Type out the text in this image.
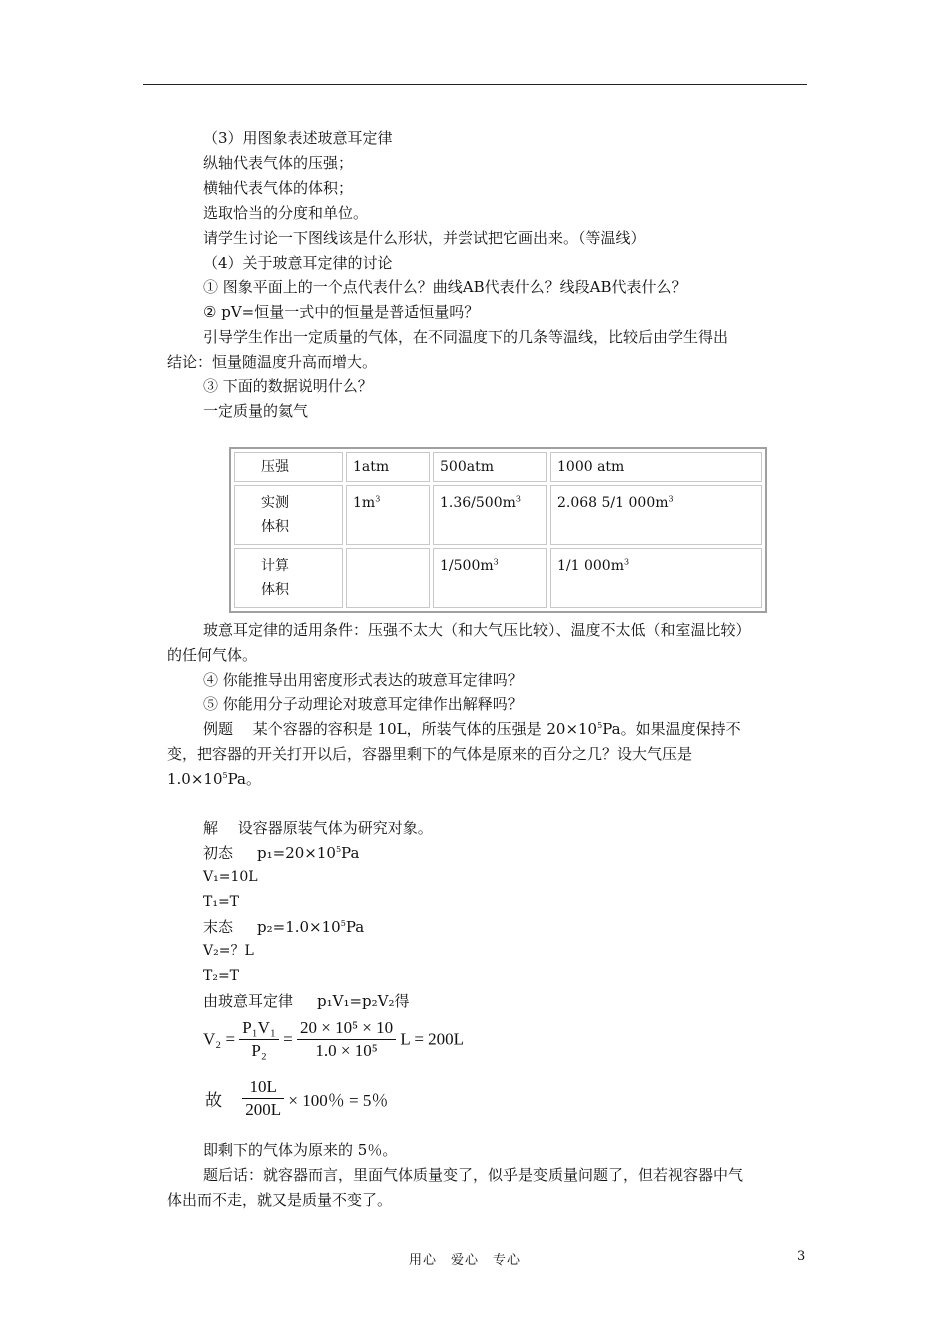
（3）用图象表述玻意耳定律
纵轴代表气体的压强；
横轴代表气体的体积；
选取恰当的分度和单位。
请学生讨论一下图线该是什么形状，并尝试把它画出来。（等温线）
（4）关于玻意耳定律的讨论
① 图象平面上的一个点代表什么？曲线AB代表什么？线段AB代表什么？
② pV=恒量一式中的恒量是普适恒量吗？
引导学生作出一定质量的气体，在不同温度下的几条等温线，比较后由学生得出
结论：恒量随温度升高而增大。
③ 下面的数据说明什么？
一定质量的氦气
压强	1atm	500atm	1000 atm
实测体积	$1m^3$	$1.36/500m^3$	2.068 5/1 $000m^3$
计算体积		$1/500m^3$	1/1 $000m^3$
玻意耳定律的适用条件：压强不太大（和大气压比较）、温度不太低（和室温比较）
的任何气体。
④ 你能推导出用密度形式表达的玻意耳定律吗？
⑤ 你能用分子动理论对玻意耳定律作出解释吗？
例题　 某个容器的容积是 10L，所装气体的压强是 $20\times 10^5Pa$。如果温度保持不
变，把容器的开关打开以后，容器里剩下的气体是原来的百分之几？设大气压是
$1.0\times 10^5Pa$。
解　 设容器原装气体为研究对象。
初态 $p_1=20\times 10^5Pa$
V₁=10L
T₁=T
末态 $p_2=1.0\times 10^5Pa$
V₂=？L
T₂=T
由玻意耳定律 p₁V₁=p₂V₂得
$V_2 = \frac{\text{P₁V₁}}{\text{P₂}} = \frac{\text{20 × 10⁵ × 10}}{\text{1.0 × 10⁵}}$ L = 200L
故 $\frac{10L}{200L} \times 100$％ = 5％
即剩下的气体为原来的 5％。
题后话：就容器而言，里面气体质量变了，似乎是变质量问题了，但若视容器中气
体出而不走，就又是质量不变了。
用心　爱心　专心	3
